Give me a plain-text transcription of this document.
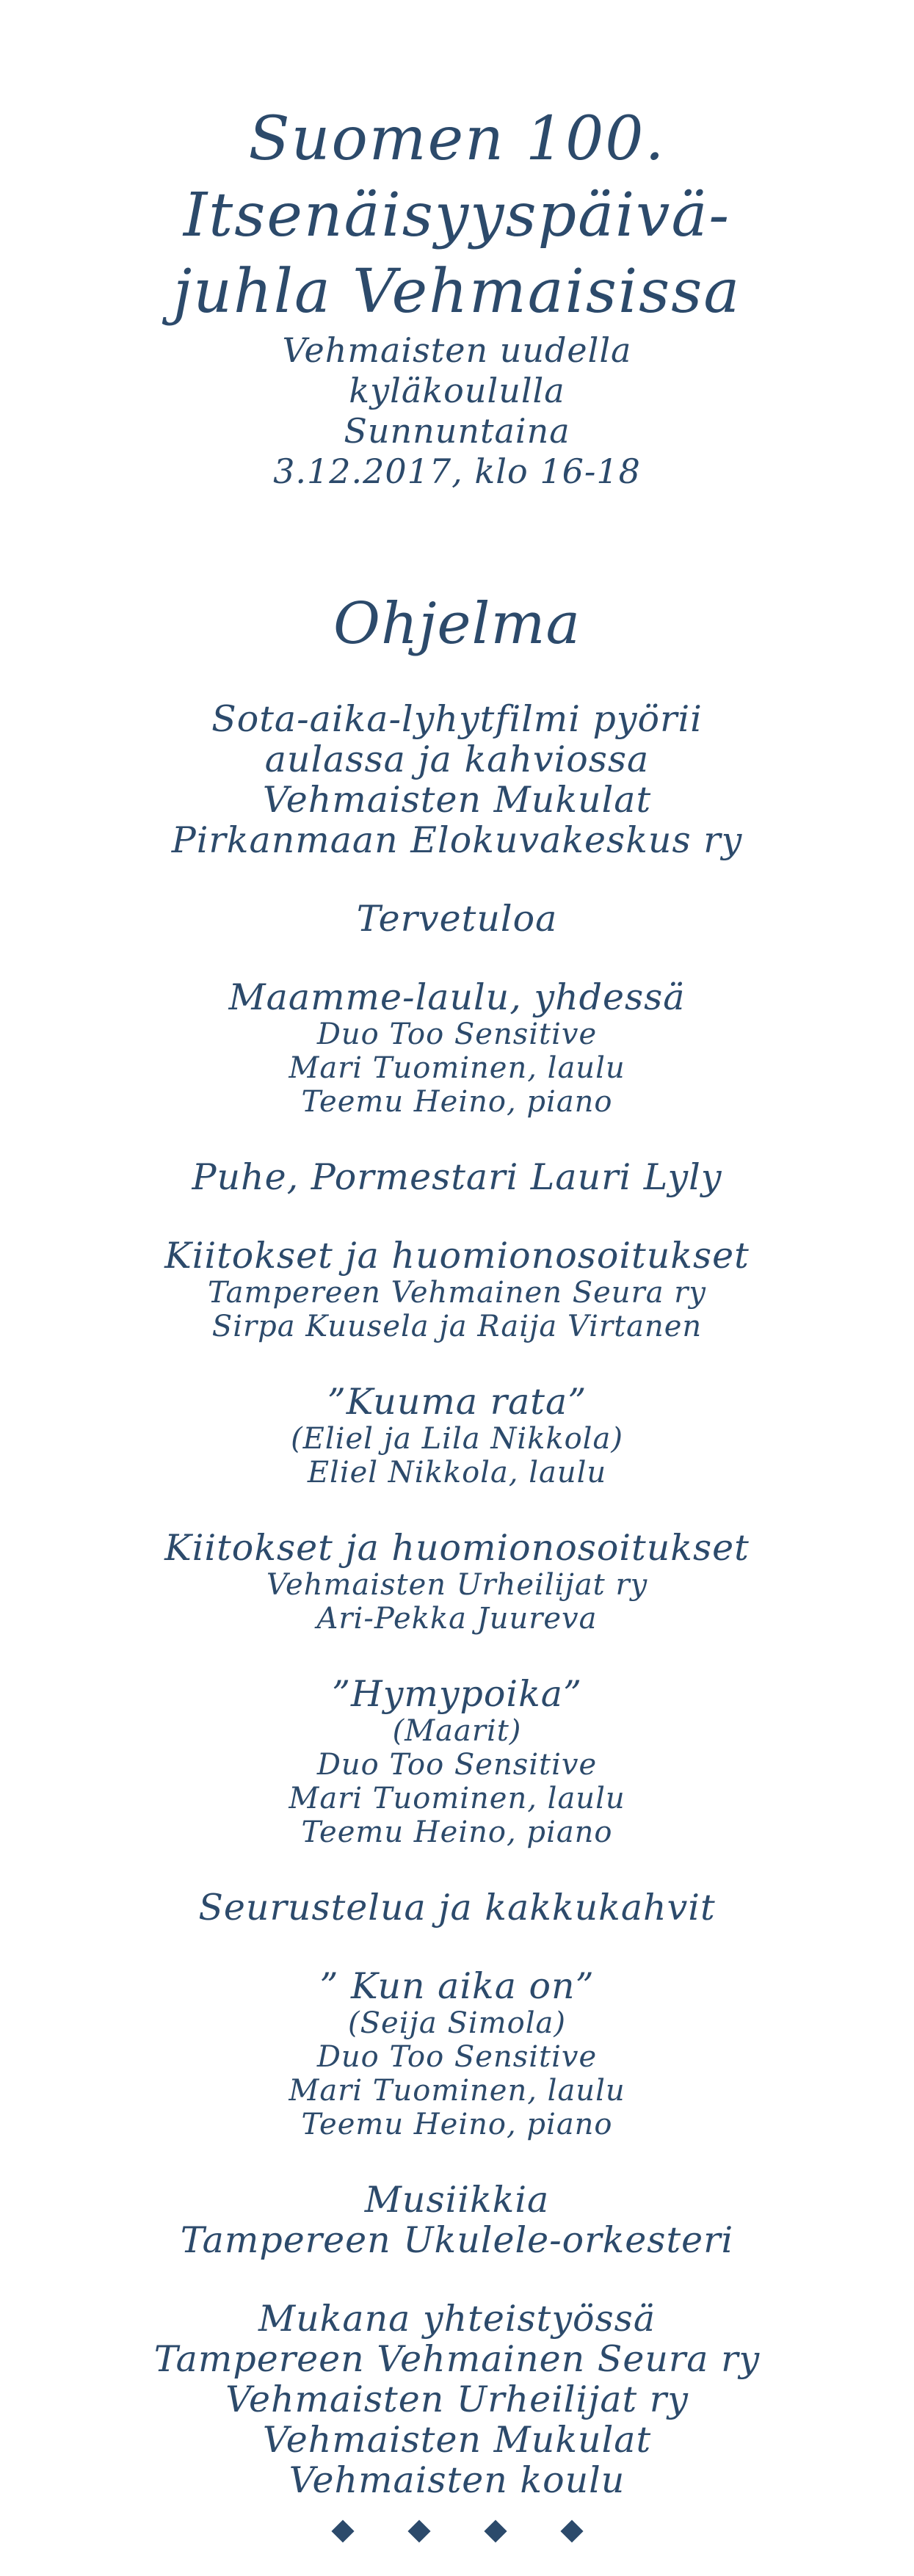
Suomen 100.
Itsenäisyyspäivä-
juhla Vehmaisissa
Vehmaisten uudella
kyläkoululla
Sunnuntaina
3.12.2017, klo 16-18
Ohjelma
Sota-aika-lyhytfilmi pyörii
aulassa ja kahviossa
Vehmaisten Mukulat
Pirkanmaan Elokuvakeskus ry
Tervetuloa
Maamme-laulu, yhdessä
Duo Too Sensitive
Mari Tuominen, laulu
Teemu Heino, piano
Puhe, Pormestari Lauri Lyly
Kiitokset ja huomionosoitukset
Tampereen Vehmainen Seura ry
Sirpa Kuusela ja Raija Virtanen
”Kuuma rata”
(Eliel ja Lila Nikkola)
Eliel Nikkola, laulu
Kiitokset ja huomionosoitukset
Vehmaisten Urheilijat ry
Ari-Pekka Juureva
”Hymypoika”
(Maarit)
Duo Too Sensitive
Mari Tuominen, laulu
Teemu Heino, piano
Seurustelua ja kakkukahvit
” Kun aika on”
(Seija Simola)
Duo Too Sensitive
Mari Tuominen, laulu
Teemu Heino, piano
Musiikkia
Tampereen Ukulele-orkesteri
Mukana yhteistyössä
Tampereen Vehmainen Seura ry
Vehmaisten Urheilijat ry
Vehmaisten Mukulat
Vehmaisten koulu
